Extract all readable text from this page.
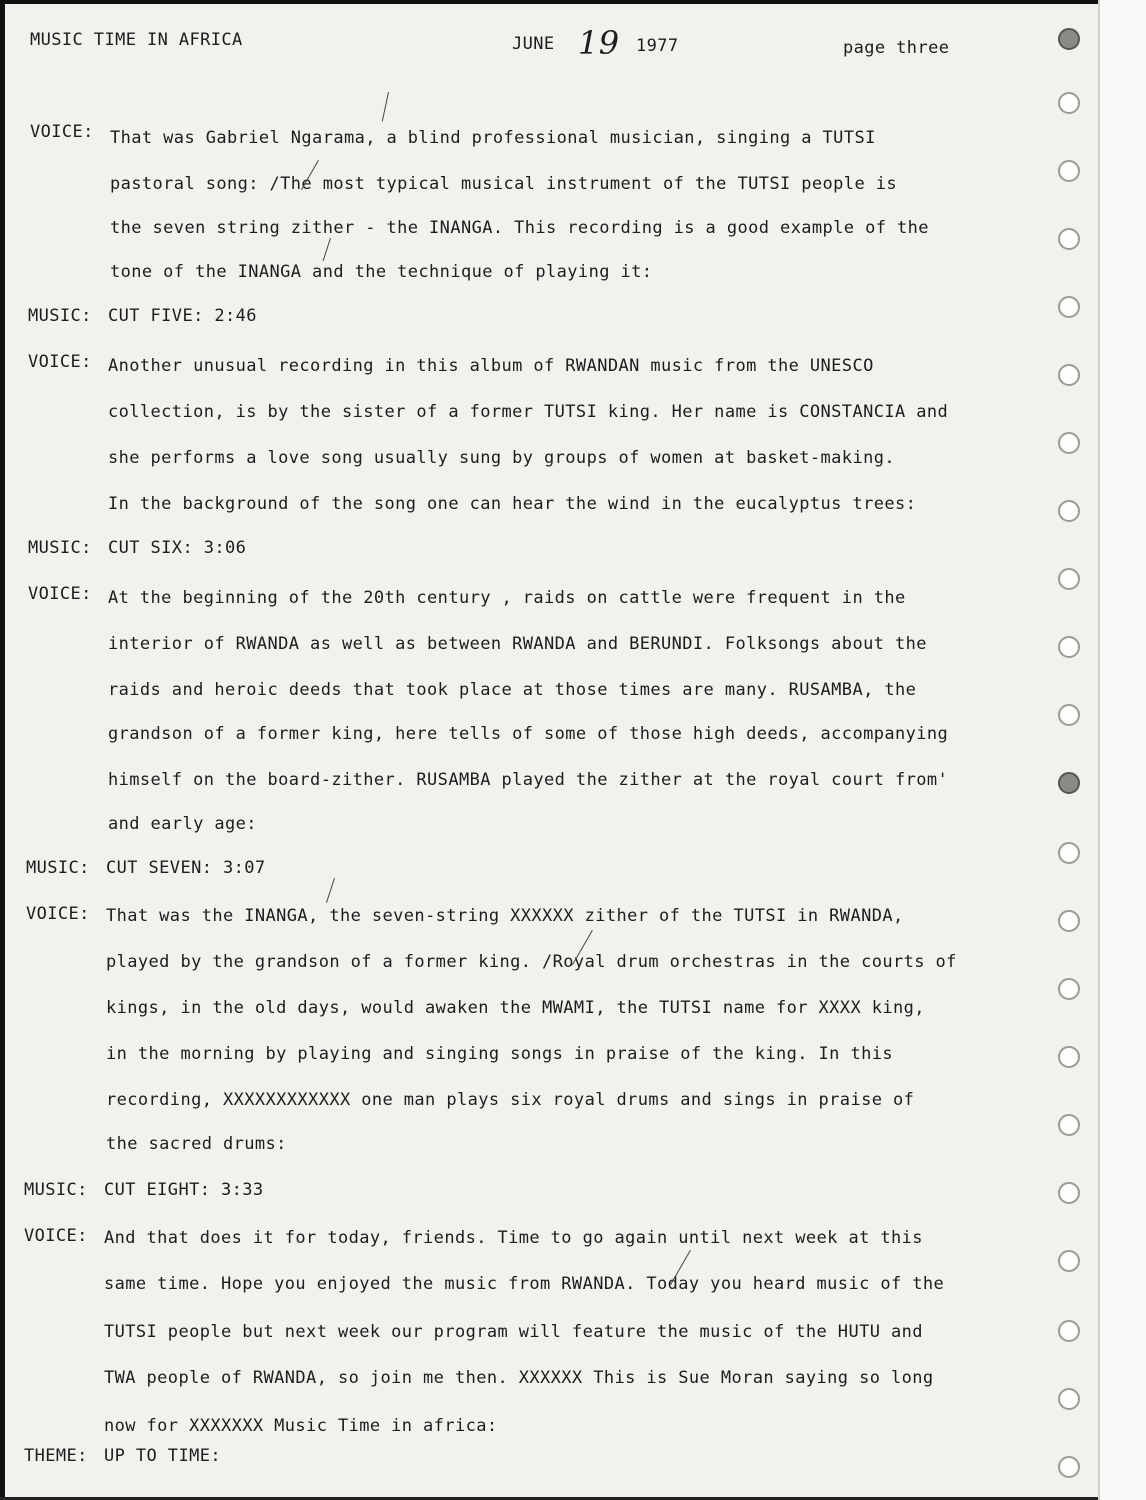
MUSIC TIME IN AFRICA	JUNE 19 1977	page three
VOICE: That was Gabriel Ngarama, a blind professional musician, singing a TUTSI
pastoral song: /The most typical musical instrument of the TUTSI people is
the seven string zither - the INANGA. This recording is a good example of the
tone of the INANGA and the technique of playing it:
MUSIC: CUT FIVE: 2:46
VOICE: Another unusual recording in this album of RWANDAN music from the UNESCO
collection, is by the sister of a former TUTSI king. Her name is CONSTANCIA and
she performs a love song usually sung by groups of women at basket-making.
In the background of the song one can hear the wind in the eucalyptus trees:
MUSIC: CUT SIX: 3:06
VOICE: At the beginning of the 20th century , raids on cattle were frequent in the
interior of RWANDA as well as between RWANDA and BERUNDI. Folksongs about the
raids and heroic deeds that took place at those times are many. RUSAMBA, the
grandson of a former king, here tells of some of those high deeds, accompanying
himself on the board-zither. RUSAMBA played the zither at the royal court from'
and early age:
MUSIC: CUT SEVEN: 3:07
VOICE: That was the INANGA, the seven-string XXXXXX zither of the TUTSI in RWANDA,
played by the grandson of a former king. /Royal drum orchestras in the courts of
kings, in the old days, would awaken the MWAMI, the TUTSI name for XXXX king,
in the morning by playing and singing songs in praise of the king. In this
recording, XXXXXXXXXXXX one man plays six royal drums and sings in praise of
the sacred drums:
MUSIC: CUT EIGHT: 3:33
VOICE: And that does it for today, friends. Time to go again until next week at this
same time. Hope you enjoyed the music from RWANDA. Today you heard music of the
TUTSI people but next week our program will feature the music of the HUTU and
TWA people of RWANDA, so join me then. XXXXXX This is Sue Moran saying so long
now for XXXXXXX Music Time in africa:
THEME: UP TO TIME:
